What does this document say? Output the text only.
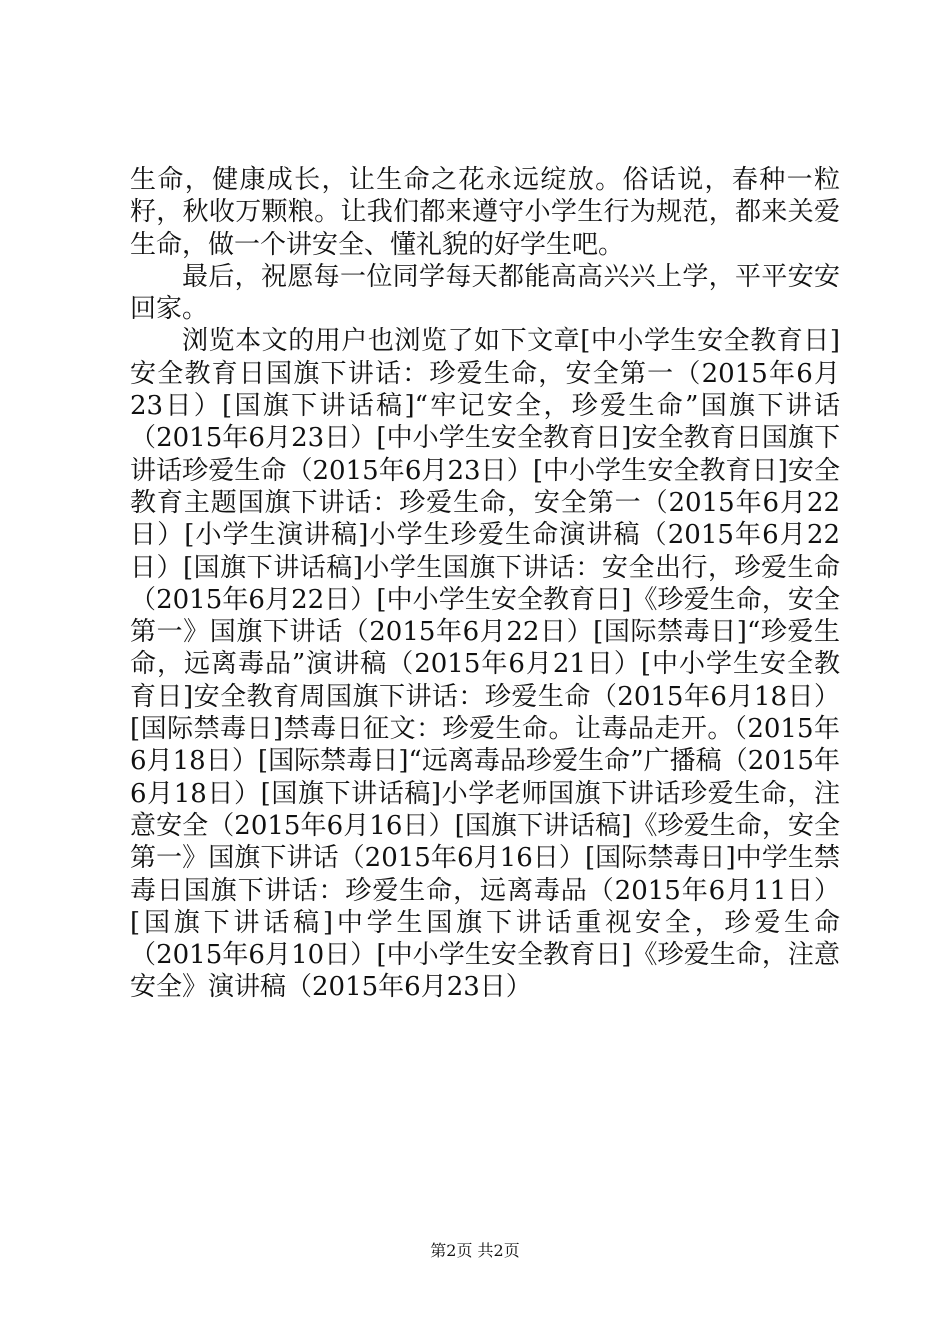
生命，健康成长，让生命之花永远绽放。俗话说，春种一粒籽，秋收万颗粮。让我们都来遵守小学生行为规范，都来关爱生命，做一个讲安全、懂礼貌的好学生吧。

最后，祝愿每一位同学每天都能高高兴兴上学，平平安安回家。

浏览本文的用户也浏览了如下文章[中小学生安全教育日]安全教育日国旗下讲话：珍爱生命，安全第一（2015年6月23日）[国旗下讲话稿]“牢记安全，珍爱生命”国旗下讲话（2015年6月23日）[中小学生安全教育日]安全教育日国旗下讲话珍爱生命（2015年6月23日）[中小学生安全教育日]安全教育主题国旗下讲话：珍爱生命，安全第一（2015年6月22日）[小学生演讲稿]小学生珍爱生命演讲稿（2015年6月22日）[国旗下讲话稿]小学生国旗下讲话：安全出行，珍爱生命（2015年6月22日）[中小学生安全教育日]《珍爱生命，安全第一》国旗下讲话（2015年6月22日）[国际禁毒日]“珍爱生命，远离毒品”演讲稿（2015年6月21日）[中小学生安全教育日]安全教育周国旗下讲话：珍爱生命（2015年6月18日）[国际禁毒日]禁毒日征文：珍爱生命。让毒品走开。（2015年6月18日）[国际禁毒日]“远离毒品珍爱生命”广播稿（2015年6月18日）[国旗下讲话稿]小学老师国旗下讲话珍爱生命，注意安全（2015年6月16日）[国旗下讲话稿]《珍爱生命，安全第一》国旗下讲话（2015年6月16日）[国际禁毒日]中学生禁毒日国旗下讲话：珍爱生命，远离毒品（2015年6月11日）[国旗下讲话稿]中学生国旗下讲话重视安全，珍爱生命（2015年6月10日）[中小学生安全教育日]《珍爱生命，注意安全》演讲稿（2015年6月23日）

第2页 共2页
